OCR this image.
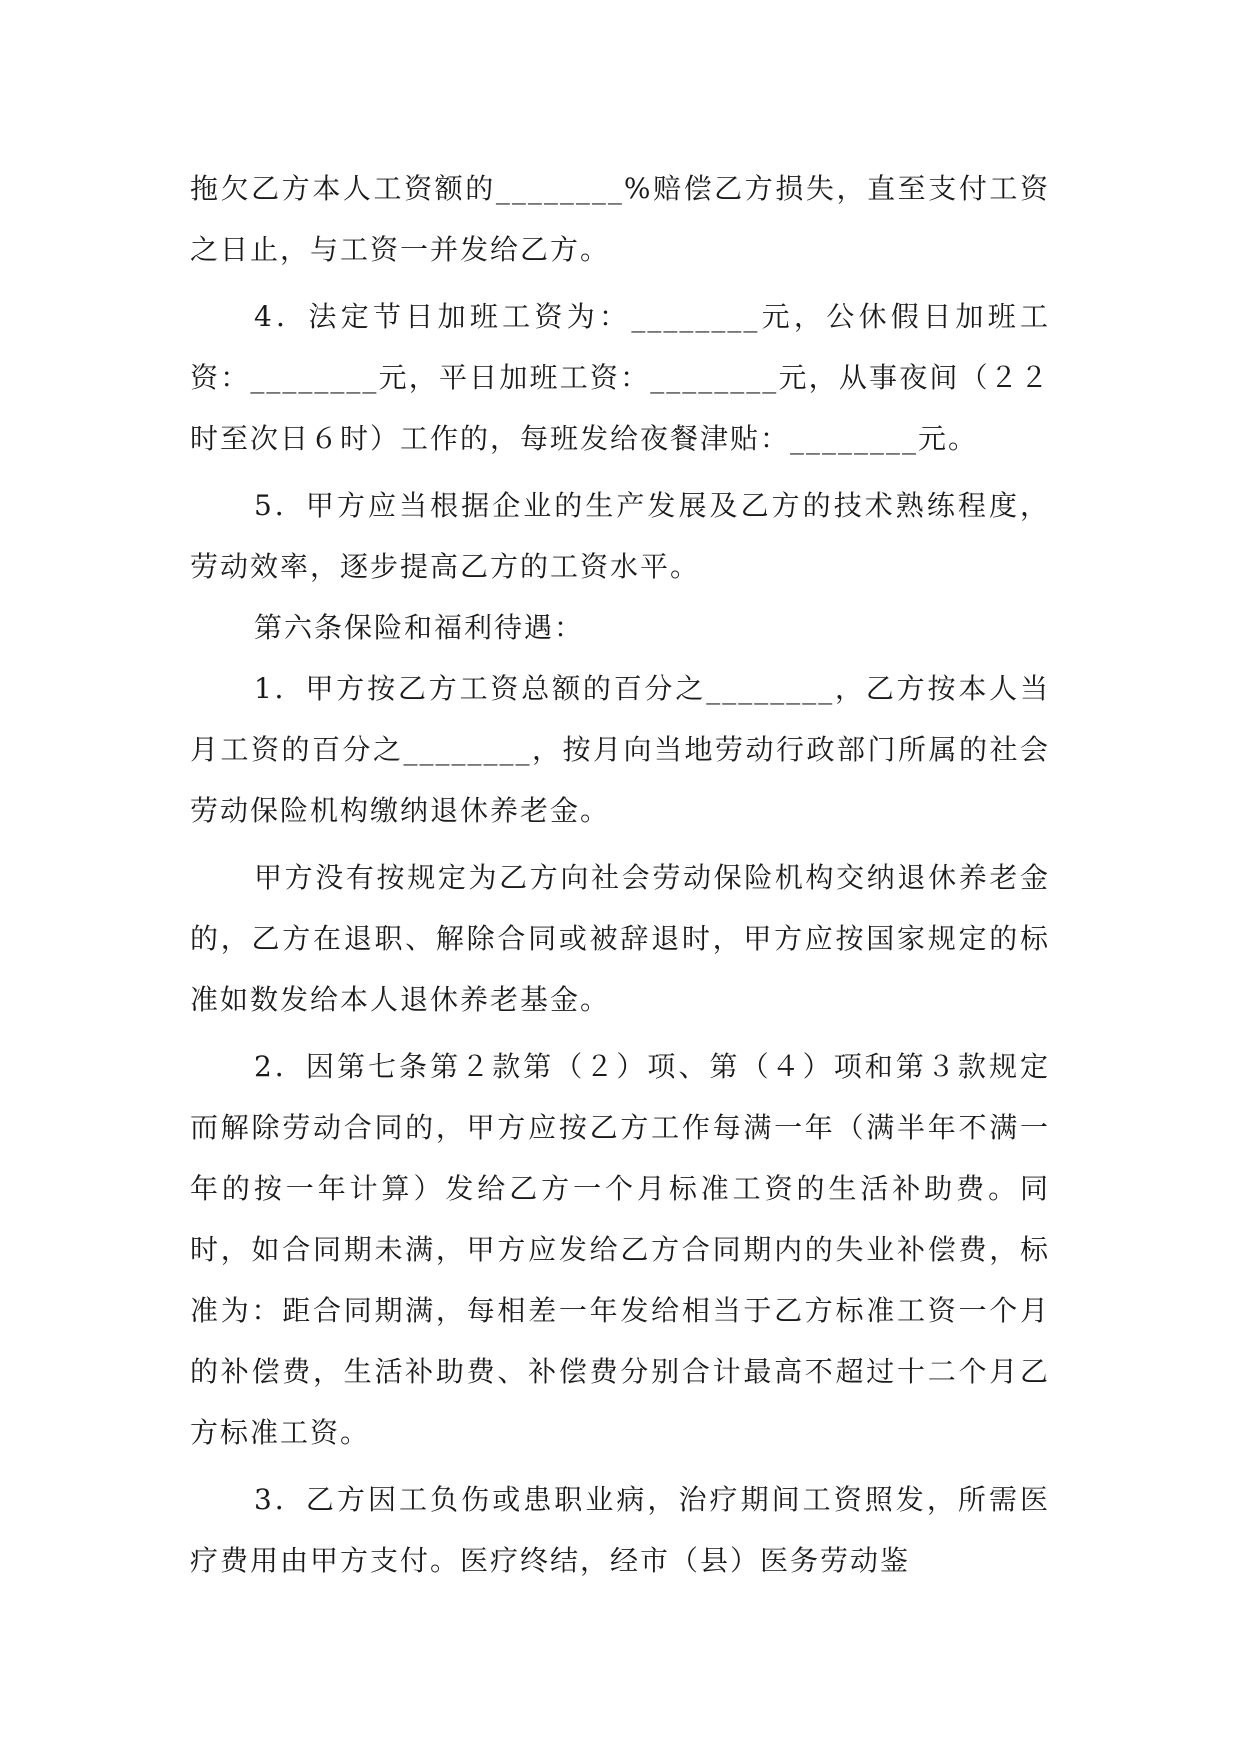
拖欠乙方本人工资额的________%赔偿乙方损失，直至支付工资之日止，与工资一并发给乙方。

4．法定节日加班工资为：________元，公休假日加班工资：________元，平日加班工资：________元，从事夜间（２２时至次日６时）工作的，每班发给夜餐津贴：________元。

5．甲方应当根据企业的生产发展及乙方的技术熟练程度，劳动效率，逐步提高乙方的工资水平。

第六条保险和福利待遇：

1．甲方按乙方工资总额的百分之________，乙方按本人当月工资的百分之________，按月向当地劳动行政部门所属的社会劳动保险机构缴纳退休养老金。

甲方没有按规定为乙方向社会劳动保险机构交纳退休养老金的，乙方在退职、解除合同或被辞退时，甲方应按国家规定的标准如数发给本人退休养老基金。

2．因第七条第２款第（２）项、第（４）项和第３款规定而解除劳动合同的，甲方应按乙方工作每满一年（满半年不满一年的按一年计算）发给乙方一个月标准工资的生活补助费。同时，如合同期未满，甲方应发给乙方合同期内的失业补偿费，标准为：距合同期满，每相差一年发给相当于乙方标准工资一个月的补偿费，生活补助费、补偿费分别合计最高不超过十二个月乙方标准工资。

3．乙方因工负伤或患职业病，治疗期间工资照发，所需医疗费用由甲方支付。医疗终结，经市（县）医务劳动鉴
